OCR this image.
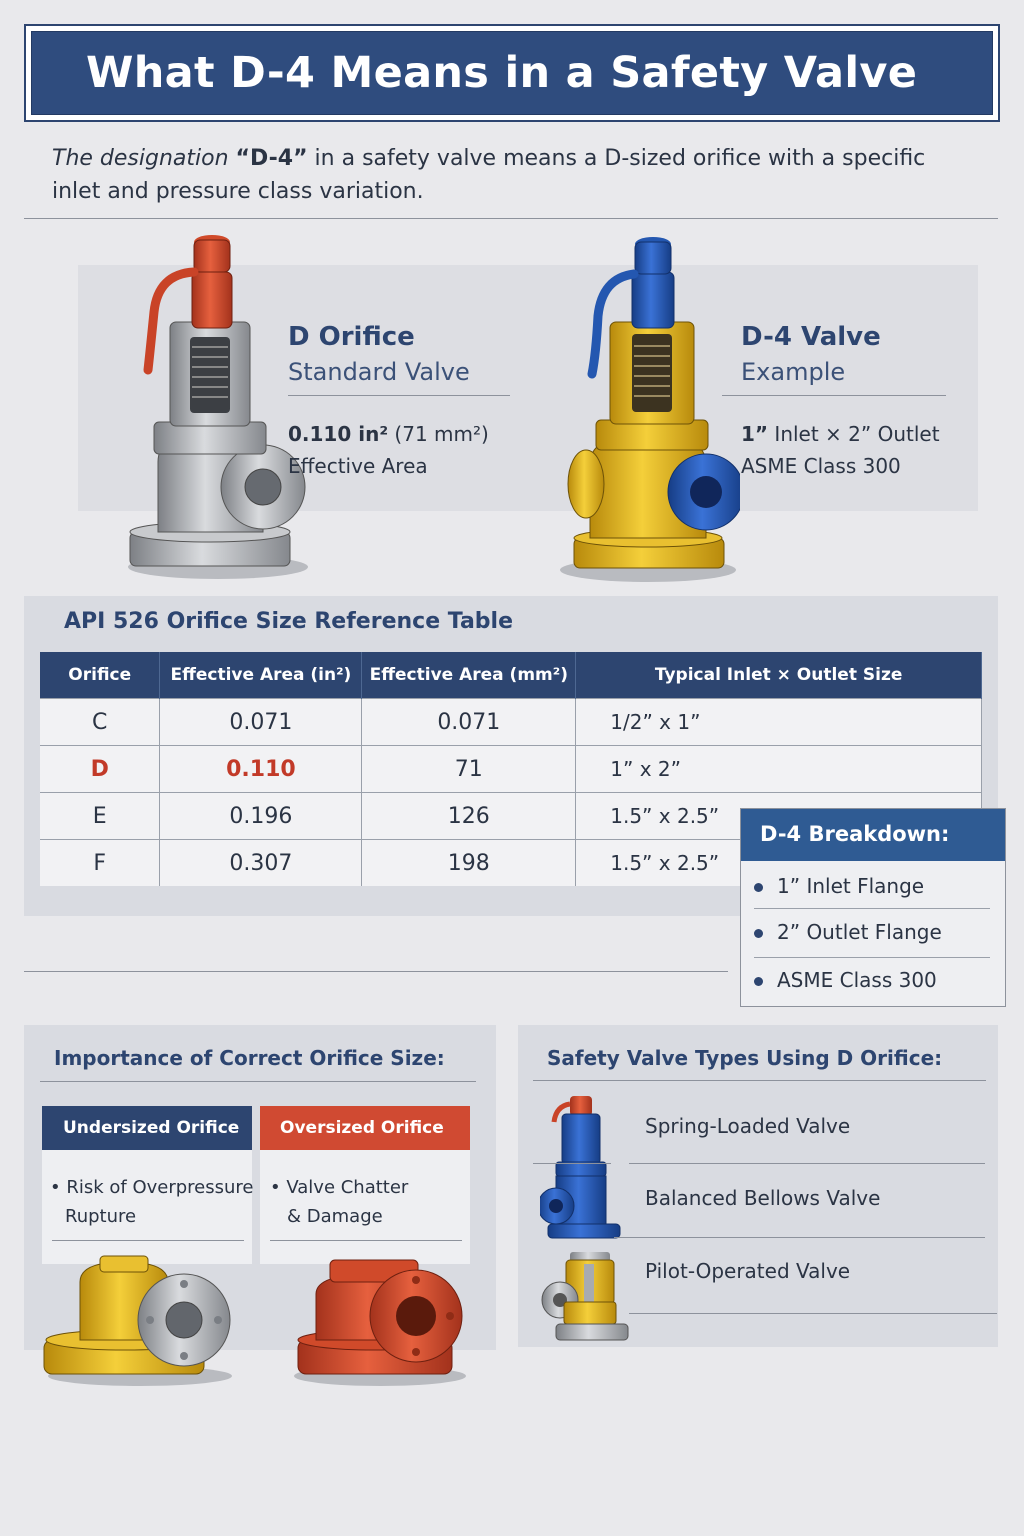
What D-4 Means in a Safety Valve
The designation “D-4” in a safety valve means a D-sized orifice with a specific
inlet and pressure class variation.
D Orifice
Standard Valve
0.110 in² (71 mm²)
Effective Area
D-4 Valve
Example
1” Inlet × 2” Outlet
ASME Class 300
API 526 Orifice Size Reference Table
Orifice	Effective Area (in²)	Effective Area (mm²)	Typical Inlet × Outlet Size
C	0.071	0.071	1/2” x 1”
D	0.110	71	1” x 2”
E	0.196	126	1.5” x 2.5”
F	0.307	198	1.5” x 2.5”
D-4 Breakdown:
1” Inlet Flange
2” Outlet Flange
ASME Class 300
Importance of Correct Orifice Size:
Undersized Orifice
• Risk of Overpressure
Rupture
Oversized Orifice
• Valve Chatter
& Damage
Safety Valve Types Using D Orifice:
Spring-Loaded Valve
Balanced Bellows Valve
Pilot-Operated Valve
